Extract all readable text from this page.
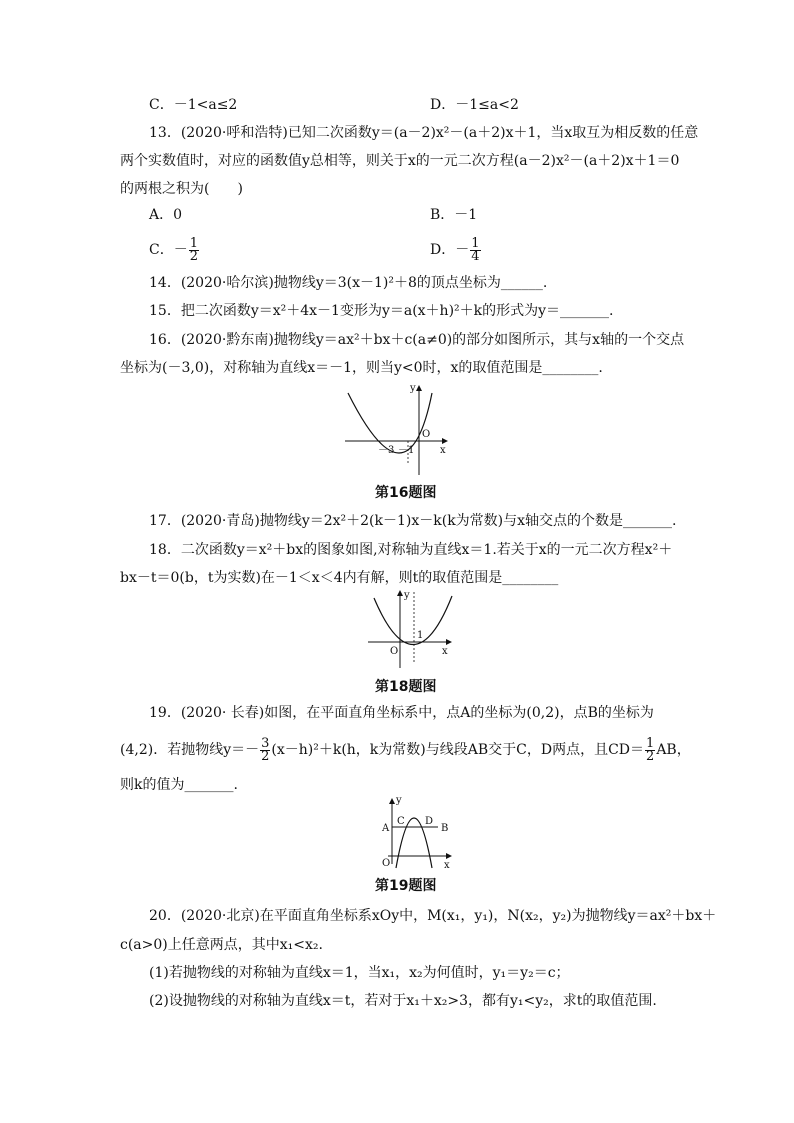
C．－1<a≤2	D．－1≤a<2
13．(2020·呼和浩特)已知二次函数y＝(a－2)x²－(a＋2)x＋1，当x取互为相反数的任意
两个实数值时，对应的函数值y总相等，则关于x的一元二次方程(a－2)x²－(a＋2)x＋1＝0
的两根之积为(　　)
A．0	B．－1
C．－ $\frac{1}{2}$	D．－ $\frac{1}{4}$
14．(2020·哈尔滨)抛物线y＝3(x－1)²＋8的顶点坐标为______.
15．把二次函数y＝x²＋4x－1变形为y＝a(x＋h)²＋k的形式为y＝_______.
16．(2020·黔东南)抛物线y＝ax²＋bx＋c(a≠0)的部分如图所示，其与x轴的一个交点
坐标为(－3,0)，对称轴为直线x＝－1，则当y<0时，x的取值范围是________.
y
x
O
－3 －1
第16题图
17．(2020·青岛)抛物线y＝2x²＋2(k－1)x－k(k为常数)与x轴交点的个数是_______.
18．二次函数y＝x²＋bx的图象如图,对称轴为直线x＝1.若关于x的一元二次方程x²＋
bx－t＝0(b，t为实数)在－1＜x＜4内有解，则t的取值范围是________
y
x
O
1
第18题图
19．(2020· 长春)如图，在平面直角坐标系中，点A的坐标为(0,2)，点B的坐标为
(4,2)．若抛物线$y=- \frac{3}{2} (x-h)^2+k(h$，k为常数)与线段AB交于C，D两点，且$CD= \frac{1}{2}$ AB，
则k的值为_______.
y
x
O
A	B
C D
第19题图
20．(2020·北京)在平面直角坐标系xOy中，M(x₁，y₁)，N(x₂，y₂)为抛物线y＝ax²＋bx＋
c(a>0)上任意两点，其中x₁<x₂.
(1)若抛物线的对称轴为直线x＝1，当x₁，x₂为何值时，y₁＝y₂＝c；
(2)设抛物线的对称轴为直线x＝t，若对于x₁＋x₂>3，都有y₁<y₂，求t的取值范围.
